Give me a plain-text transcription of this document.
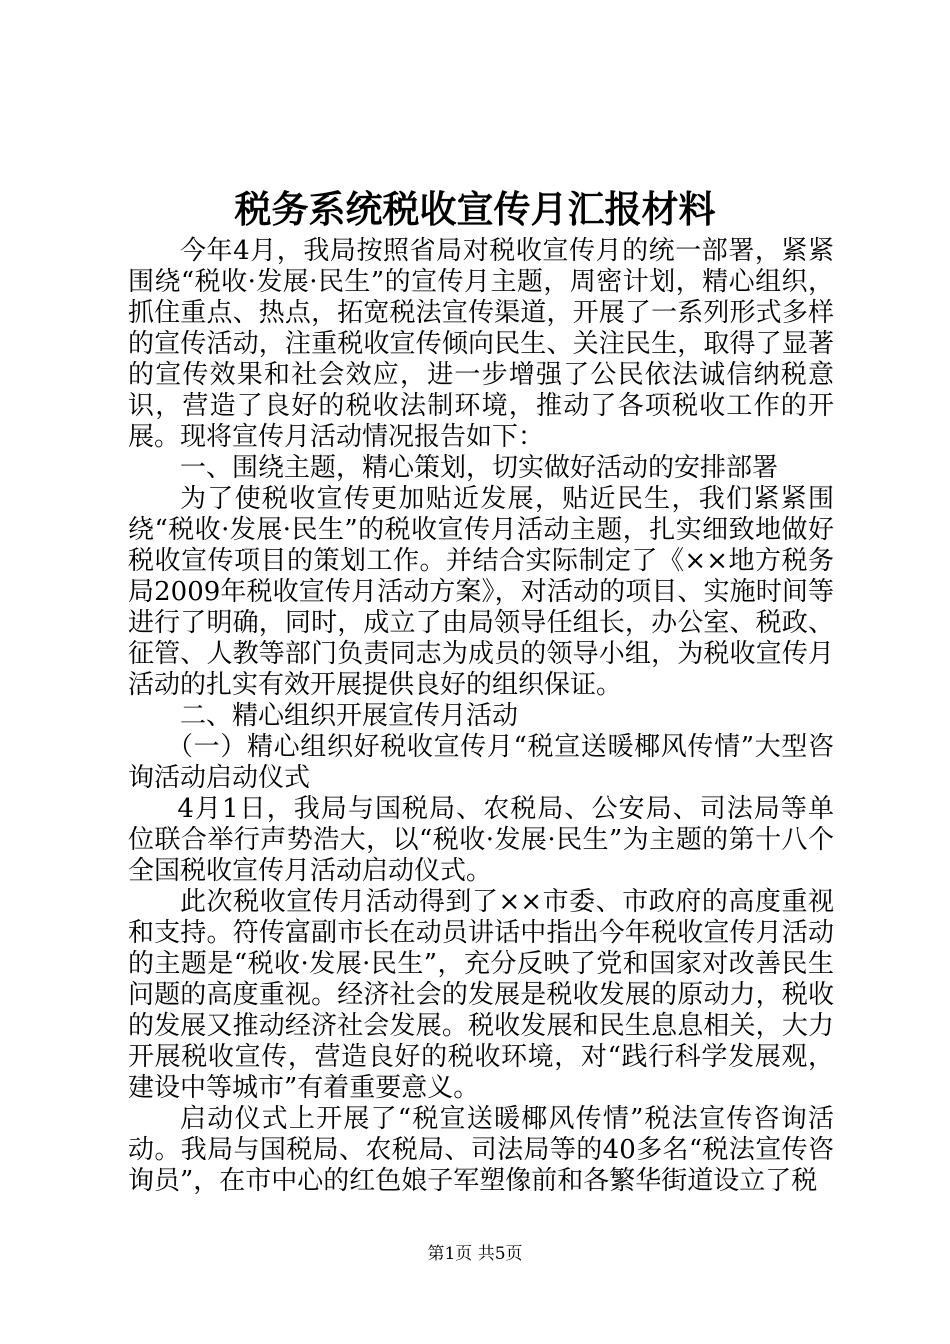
税务系统税收宣传月汇报材料

今年4月，我局按照省局对税收宣传月的统一部署，紧紧围绕“税收·发展·民生”的宣传月主题，周密计划，精心组织，抓住重点、热点，拓宽税法宣传渠道，开展了一系列形式多样的宣传活动，注重税收宣传倾向民生、关注民生，取得了显著的宣传效果和社会效应，进一步增强了公民依法诚信纳税意识，营造了良好的税收法制环境，推动了各项税收工作的开展。现将宣传月活动情况报告如下：

一、围绕主题，精心策划，切实做好活动的安排部署

为了使税收宣传更加贴近发展，贴近民生，我们紧紧围绕“税收·发展·民生”的税收宣传月活动主题，扎实细致地做好税收宣传项目的策划工作。并结合实际制定了《××地方税务局2009年税收宣传月活动方案》，对活动的项目、实施时间等进行了明确，同时，成立了由局领导任组长，办公室、税政、征管、人教等部门负责同志为成员的领导小组，为税收宣传月活动的扎实有效开展提供良好的组织保证。

二、精心组织开展宣传月活动

（一）精心组织好税收宣传月“税宣送暖椰风传情”大型咨询活动启动仪式

4月1日，我局与国税局、农税局、公安局、司法局等单位联合举行声势浩大，以“税收·发展·民生”为主题的第十八个全国税收宣传月活动启动仪式。

此次税收宣传月活动得到了××市委、市政府的高度重视和支持。符传富副市长在动员讲话中指出今年税收宣传月活动的主题是“税收·发展·民生”，充分反映了党和国家对改善民生问题的高度重视。经济社会的发展是税收发展的原动力，税收的发展又推动经济社会发展。税收发展和民生息息相关，大力开展税收宣传，营造良好的税收环境，对“践行科学发展观，建设中等城市”有着重要意义。

启动仪式上开展了“税宣送暖椰风传情”税法宣传咨询活动。我局与国税局、农税局、司法局等的40多名“税法宣传咨询员”，在市中心的红色娘子军塑像前和各繁华街道设立了税

第1页 共5页
